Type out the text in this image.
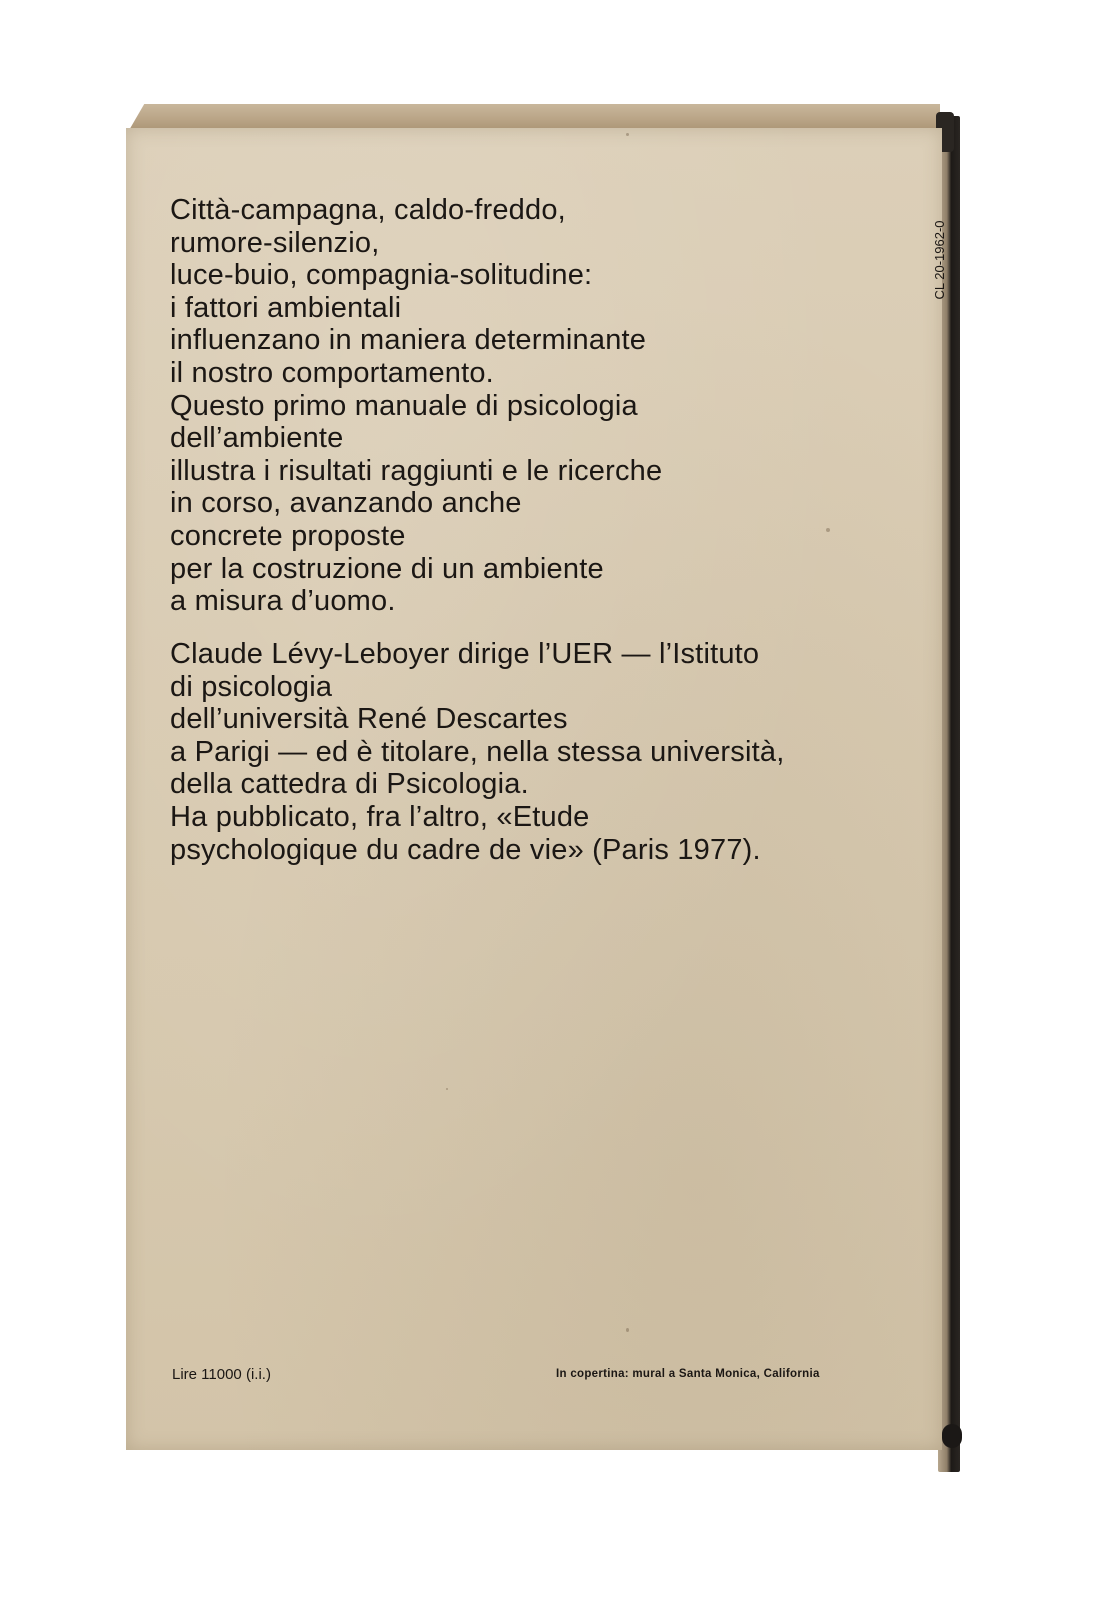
Città-campagna, caldo-freddo,
rumore-silenzio,
luce-buio, compagnia-solitudine:
i fattori ambientali
influenzano in maniera determinante
il nostro comportamento.
Questo primo manuale di psicologia
dell’ambiente
illustra i risultati raggiunti e le ricerche
in corso, avanzando anche
concrete proposte
per la costruzione di un ambiente
a misura d’uomo.

Claude Lévy-Leboyer dirige l’UER — l’Istituto
di psicologia
dell’università René Descartes
a Parigi — ed è titolare, nella stessa università,
della cattedra di Psicologia.
Ha pubblicato, fra l’altro, «Etude
psychologique du cadre de vie» (Paris 1977).

CL 20-1962-0
Lire 11000 (i.i.)	In copertina: mural a Santa Monica, California
